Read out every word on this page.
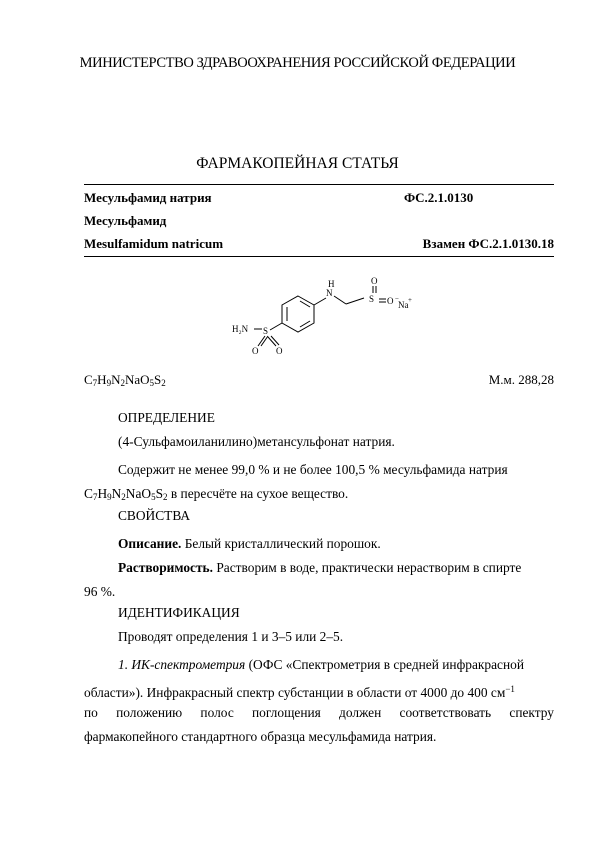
МИНИСТЕРСТВО ЗДРАВООХРАНЕНИЯ РОССИЙСКОЙ ФЕДЕРАЦИИ
ФАРМАКОПЕЙНАЯ СТАТЬЯ
Месульфамид натрия	ФС.2.1.0130
Месульфамид
Mesulfamidum natricum	Взамен ФС.2.1.0130.18
N
H
S
O
O −
Na +
H₂N S
O O
$C_7H_9N_2NaO_5S_2$	М.м. 288,28
ОПРЕДЕЛЕНИЕ
(4-Сульфамоиланилино)метансульфонат натрия.
Содержит не менее 99,0 % и не более 100,5 % месульфамида натрия

$C_7H_9N_2NaO_5S_2$ в пересчёте на сухое вещество.
СВОЙСТВА
Описание. Белый кристаллический порошок.
Растворимость. Растворим в воде, практически нерастворим в спирте
96 %.
ИДЕНТИФИКАЦИЯ
Проводят определения 1 и 3–5 или 2–5.
1. ИК-спектрометрия (ОФС «Спектрометрия в средней инфракрасной
области»). Инфракрасный спектр субстанции в области от 4000 до 400 $см^{-1}$
по положению полос поглощения должен соответствовать спектру
фармакопейного стандартного образца месульфамида натрия.
